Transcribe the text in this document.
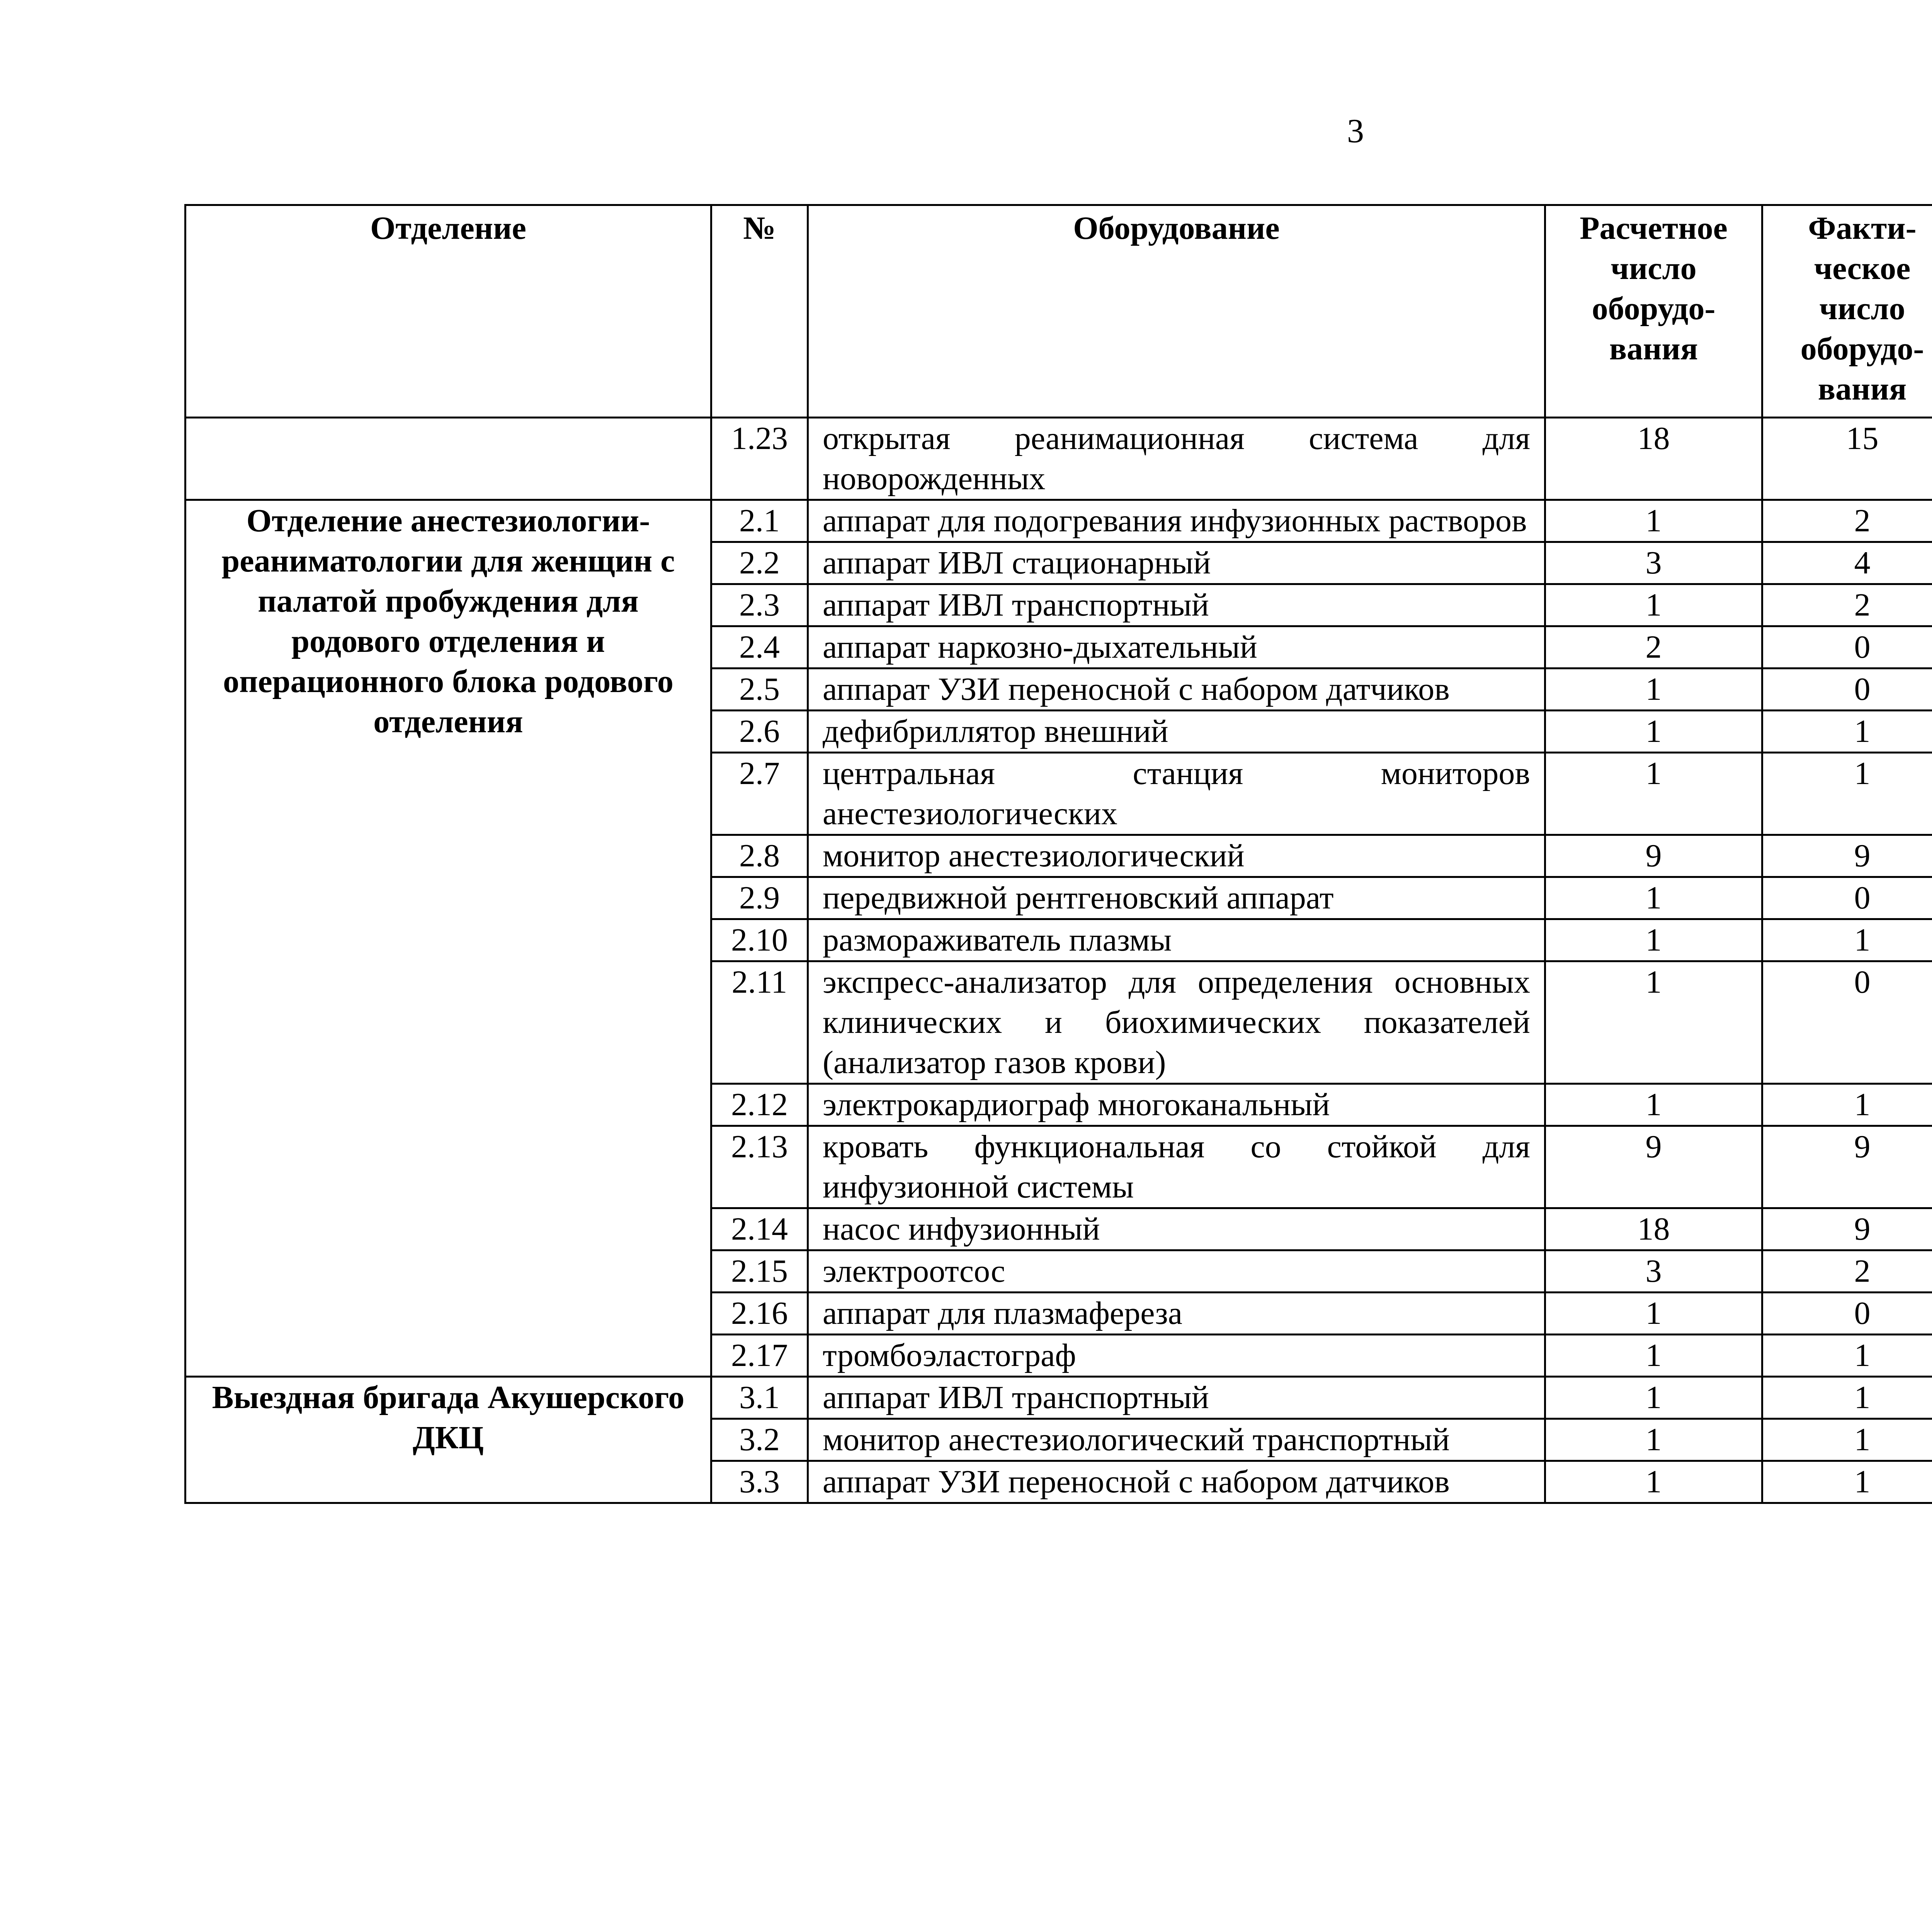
3
Отделение	№	Оборудование	Расчетное число оборудо-вания	Факти-ческое число оборудо-вания		

	1.23	открытая реанимационная система для новорожденных	18	15			
Отделение анестезиологии-реаниматологии для женщин с палатой пробуждения для родового отделения и операционного блока родового отделения	2.1	аппарат для подогревания инфузионных растворов	1	2			
	2.2	аппарат ИВЛ стационарный	3	4			
	2.3	аппарат ИВЛ транспортный	1	2			
	2.4	аппарат наркозно-дыхательный	2	0			
	2.5	аппарат УЗИ переносной с набором датчиков	1	0			
	2.6	дефибриллятор внешний	1	1			
	2.7	центральная станция мониторов анестезиологических	1	1			
	2.8	монитор анестезиологический	9	9			
	2.9	передвижной рентгеновский аппарат	1	0			
	2.10	размораживатель плазмы	1	1			
	2.11	экспресс-анализатор для определения основных клинических и биохимических показателей (анализатор газов крови)	1	0			
	2.12	электрокардиограф многоканальный	1	1			
	2.13	кровать функциональная со стойкой для инфузионной системы	9	9			
	2.14	насос инфузионный	18	9			
	2.15	электроотсос	3	2			
	2.16	аппарат для плазмафереза	1	0			
	2.17	тромбоэластограф	1	1			
Выездная бригада Акушерского ДКЦ	3.1	аппарат ИВЛ транспортный	1	1			
	3.2	монитор анестезиологический транспортный	1	1			
	3.3	аппарат УЗИ переносной с набором датчиков	1	1			
